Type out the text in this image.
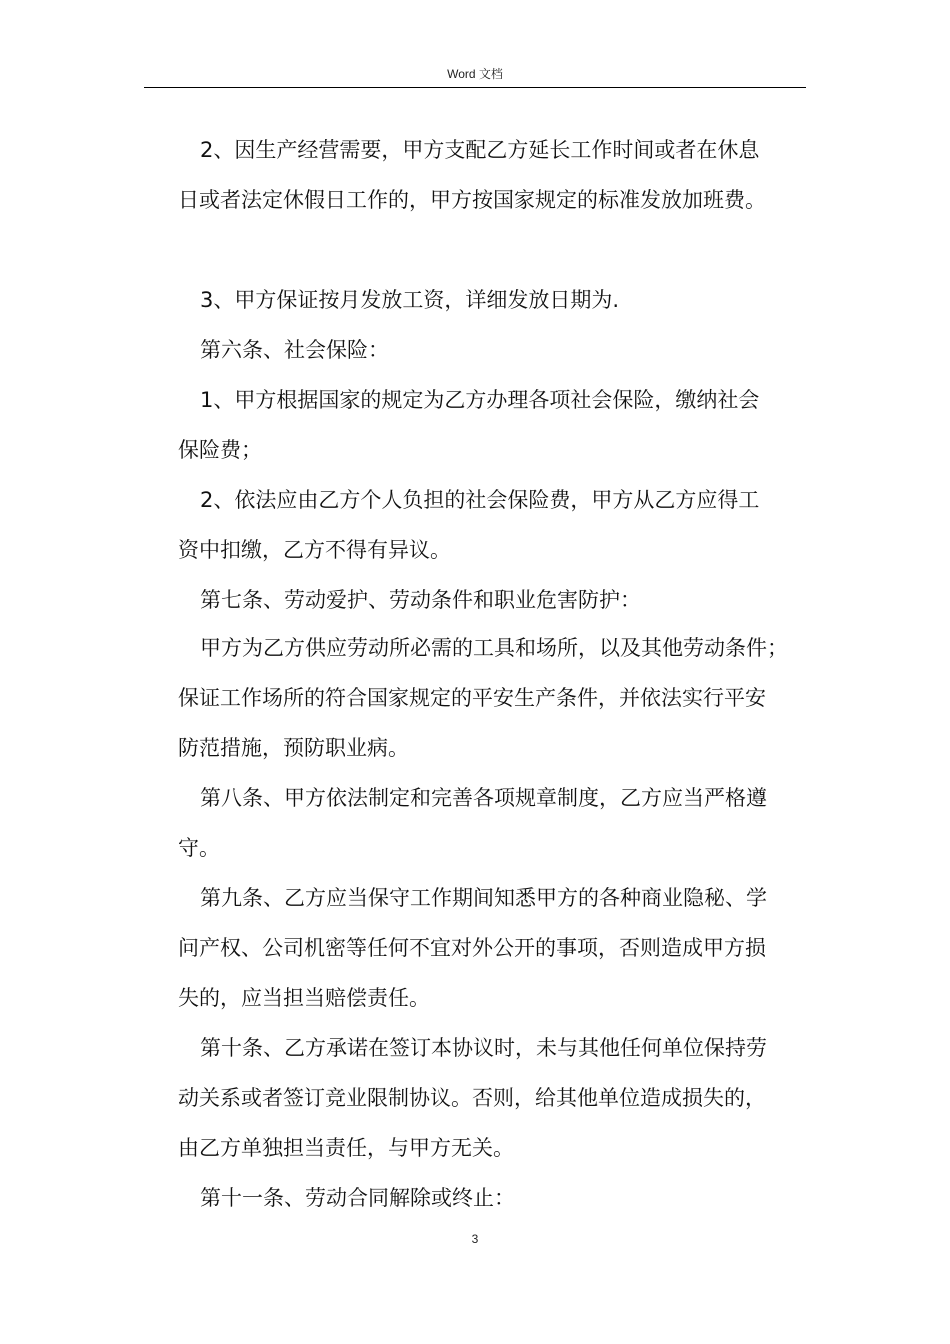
Word 文档
2、因生产经营需要，甲方支配乙方延长工作时间或者在休息
日或者法定休假日工作的，甲方按国家规定的标准发放加班费。
3、甲方保证按月发放工资，详细发放日期为.
第六条、社会保险：
1、甲方根据国家的规定为乙方办理各项社会保险，缴纳社会
保险费；
2、依法应由乙方个人负担的社会保险费，甲方从乙方应得工
资中扣缴，乙方不得有异议。
第七条、劳动爱护、劳动条件和职业危害防护：
甲方为乙方供应劳动所必需的工具和场所，以及其他劳动条件；
保证工作场所的符合国家规定的平安生产条件，并依法实行平安
防范措施，预防职业病。
第八条、甲方依法制定和完善各项规章制度，乙方应当严格遵
守。
第九条、乙方应当保守工作期间知悉甲方的各种商业隐秘、学
问产权、公司机密等任何不宜对外公开的事项，否则造成甲方损
失的，应当担当赔偿责任。
第十条、乙方承诺在签订本协议时，未与其他任何单位保持劳
动关系或者签订竞业限制协议。否则，给其他单位造成损失的，
由乙方单独担当责任，与甲方无关。
第十一条、劳动合同解除或终止：
3
